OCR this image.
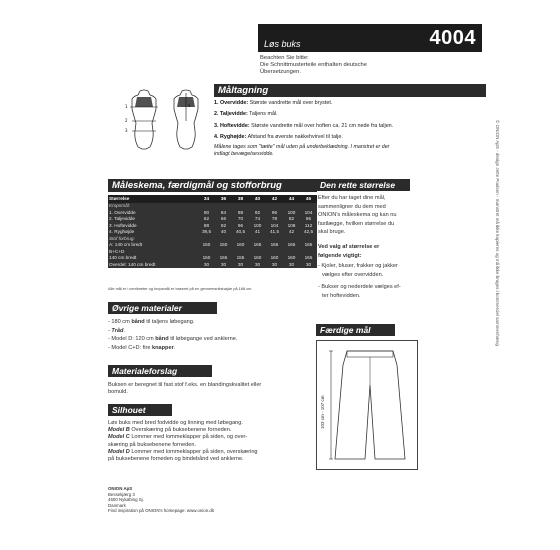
Løs buks	4004
Beachten Sie bitte:
Die Schnittmusterteile enthalten deutsche
Übersetzungen.
1
2
3
4
Måltagning

1. Overvidde: Største vandrette mål over brystet.

2. Taljevidde: Taljens mål.

3. Hoftevidde: Største vandrette mål over hoften ca. 21 cm nede fra taljen.

4. Ryghøjde: Afstand fra øverste nakkehvirvel til talje.

Målene tages som "tætte" mål uden på underbeklædning. I manstret er der
indlagt bevægelsesvidde.
Måleskema, færdigmål og stofforbrug
Størrelse	34	36	38	40	42	44	46
Kropsmål:							
1. Overvidde	80	84	88	92	96	100	104
2. Taljevidde	62	66	70	74	78	82	86
3. Hoftevidde	88	92	96	100	104	108	112
4. Ryghøjde	39,5	40	40,5	41	41,5	42	42,5
Stof forbrug:							
A: 140 cm bredt	150	150	160	165	165	165	165
B+C+D							
140 cm bredt	150	155	155	160	160	160	165
Overdel: 140 cm bredt	30	30	30	30	30	30	30
Alle mål er i centimeter og kropsmål er baseret på en gennemsnitshøjde på 168 cm.
Øvrige materialer
- 180 cm bånd til taljens løbegang.
- Tråd.
- Model D: 120 cm bånd til løbegange ved anklerne.
- Model C+D: fire knapper.
Materialeforslag
Buksen er beregnet til fast stof f.eks. en blandingskvalitet eller
bomuld.
Silhouet
Løs buks med bred fodvidde og linning med løbegang.
Model B Overskæring på buksebenene forneden.
Model C Lommer med lommeklapper på siden, og over-
skæring på buksebenene forneden.
Model D Lommer med lommeklapper på siden, overskæring
på buksebenene forneden og bindebånd ved anklerne.
ONION ApS
Bessekjærg 3
4500 Nykøbing Sj.
Danmark
Find inspiration på ONION's homepage: www.onion.dk
Den rette størrelse
Efter du har taget dine mål,
sammenligner du dem med
ONION's måleskema og kan nu
fastlægge, hvilken størrelse du
skal bruge.
Ved valg af størrelse er
følgende vigtigt:
- Kjoler, bluser, frakker og jakker
vælges efter overvidden.
- Bukser og nederdele vælges ef-
ter hoftevidden.
Færdige mål
103 cm - 107 cm
© ONION ApS - design Jette Poulsen - mønstret må ikke kopieres og må ikke bruges i kommerciel sammenhæng
